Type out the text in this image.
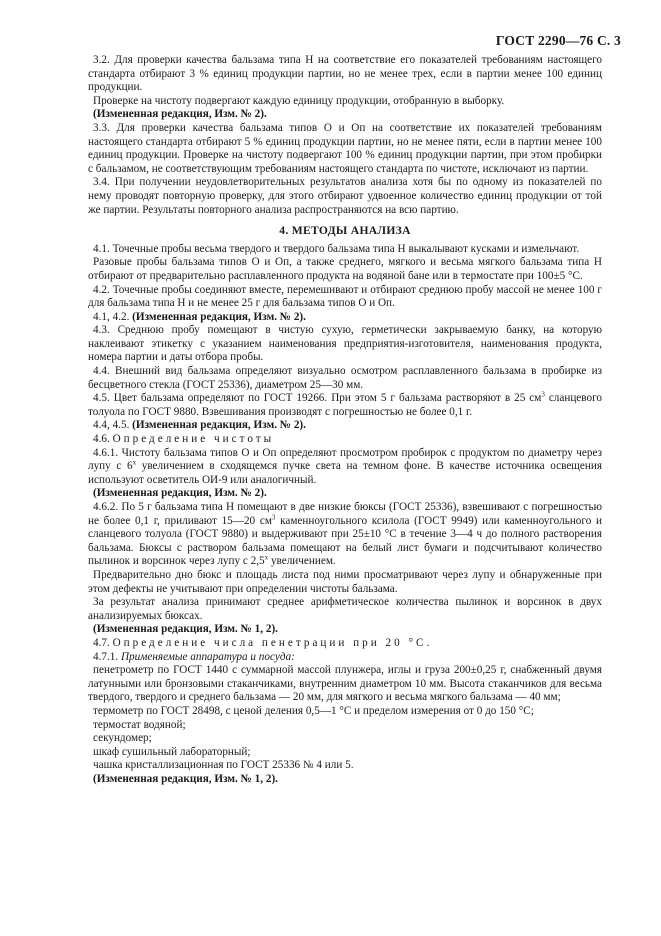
ГОСТ 2290—76 С. 3

3.2. Для проверки качества бальзама типа Н на соответствие его показателей требованиям настоящего стандарта отбирают 3 % единиц продукции партии, но не менее трех, если в партии менее 100 единиц продукции.

Проверке на чистоту подвергают каждую единицу продукции, отобранную в выборку.

(Измененная редакция, Изм. № 2).

3.3. Для проверки качества бальзама типов О и Оп на соответствие их показателей требованиям настоящего стандарта отбирают 5 % единиц продукции партии, но не менее пяти, если в партии менее 100 единиц продукции. Проверке на чистоту подвергают 100 % единиц продукции партии, при этом пробирки с бальзамом, не соответствующим требованиям настоящего стандарта по чистоте, исключают из партии.

3.4. При получении неудовлетворительных результатов анализа хотя бы по одному из показателей по нему проводят повторную проверку, для этого отбирают удвоенное количество единиц продукции от той же партии. Результаты повторного анализа распространяются на всю партию.

4. МЕТОДЫ АНАЛИЗА

4.1. Точечные пробы весьма твердого и твердого бальзама типа Н выкалывают кусками и измельчают.

Разовые пробы бальзама типов О и Оп, а также среднего, мягкого и весьма мягкого бальзама типа Н отбирают от предварительно расплавленного продукта на водяной бане или в термостате при 100±5 °С.

4.2. Точечные пробы соединяют вместе, перемешивают и отбирают среднюю пробу массой не менее 100 г для бальзама типа Н и не менее 25 г для бальзама типов О и Оп.

4.1, 4.2. (Измененная редакция, Изм. № 2).

4.3. Среднюю пробу помещают в чистую сухую, герметически закрываемую банку, на которую наклеивают этикетку с указанием наименования предприятия-изготовителя, наименования продукта, номера партии и даты отбора пробы.

4.4. Внешний вид бальзама определяют визуально осмотром расплавленного бальзама в пробирке из бесцветного стекла (ГОСТ 25336), диаметром 25—30 мм.

4.5. Цвет бальзама определяют по ГОСТ 19266. При этом 5 г бальзама растворяют в 25 $см^3$ сланцевого толуола по ГОСТ 9880. Взвешивания производят с погрешностью не более 0,1 г.

4.4, 4.5. (Измененная редакция, Изм. № 2).

4.6. Определение чистоты

4.6.1. Чистоту бальзама типов О и Оп определяют просмотром пробирок с продуктом по диаметру через лупу с 6$^x$ увеличением в сходящемся пучке света на темном фоне. В качестве источника освещения используют осветитель ОИ-9 или аналогичный.

(Измененная редакция, Изм. № 2).

4.6.2. По 5 г бальзама типа Н помещают в две низкие бюксы (ГОСТ 25336), взвешивают с погрешностью не более 0,1 г, приливают 15—20 $см^3$ каменноугольного ксилола (ГОСТ 9949) или каменноугольного и сланцевого толуола (ГОСТ 9880) и выдерживают при 25±10 °С в течение 3—4 ч до полного растворения бальзама. Бюксы с раствором бальзама помещают на белый лист бумаги и подсчитывают количество пылинок и ворсинок через лупу с 2,5$^x$ увеличением.

Предварительно дно бюкс и площадь листа под ними просматривают через лупу и обнаруженные при этом дефекты не учитывают при определении чистоты бальзама.

За результат анализа принимают среднее арифметическое количества пылинок и ворсинок в двух анализируемых бюксах.

(Измененная редакция, Изм. № 1, 2).

4.7. Определение числа пенетрации при 20 °С.

4.7.1. Применяемые аппаратура и посуда:

пенетрометр по ГОСТ 1440 с суммарной массой плунжера, иглы и груза 200±0,25 г, снабженный двумя латунными или бронзовыми стаканчиками, внутренним диаметром 10 мм. Высота стаканчиков для весьма твердого, твердого и среднего бальзама — 20 мм, для мягкого и весьма мягкого бальзама — 40 мм;

термометр по ГОСТ 28498, с ценой деления 0,5—1 °С и пределом измерения от 0 до 150 °С;

термостат водяной;

секундомер;

шкаф сушильный лабораторный;

чашка кристаллизационная по ГОСТ 25336 № 4 или 5.

(Измененная редакция, Изм. № 1, 2).
